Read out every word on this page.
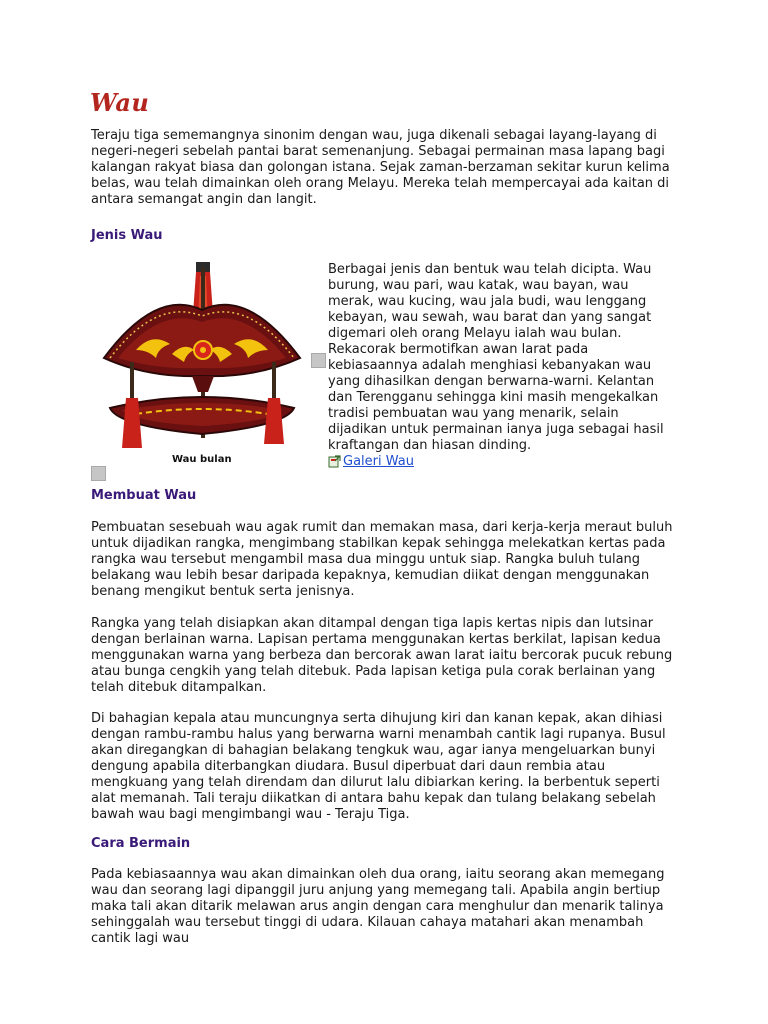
Wau
Teraju tiga sememangnya sinonim dengan wau, juga dikenali sebagai layang-layang di negeri-negeri sebelah pantai barat semenanjung. Sebagai permainan masa lapang bagi kalangan rakyat biasa dan golongan istana. Sejak zaman-berzaman sekitar kurun kelima belas, wau telah dimainkan oleh orang Melayu. Mereka telah mempercayai ada kaitan di antara semangat angin dan langit.
Jenis Wau
Wau bulan
Berbagai jenis dan bentuk wau telah dicipta. Wau burung, wau pari, wau katak, wau bayan, wau merak, wau kucing, wau jala budi, wau lenggang kebayan, wau sewah, wau barat dan yang sangat digemari oleh orang Melayu ialah wau bulan. Rekacorak bermotifkan awan larat pada kebiasaannya adalah menghiasi kebanyakan wau yang dihasilkan dengan berwarna-warni. Kelantan dan Terengganu sehingga kini masih mengekalkan tradisi pembuatan wau yang menarik, selain dijadikan untuk permainan ianya juga sebagai hasil kraftangan dan hiasan dinding.
Galeri Wau
Membuat Wau
Pembuatan sesebuah wau agak rumit dan memakan masa, dari kerja-kerja meraut buluh untuk dijadikan rangka, mengimbang stabilkan kepak sehingga melekatkan kertas pada rangka wau tersebut mengambil masa dua minggu untuk siap. Rangka buluh tulang belakang wau lebih besar daripada kepaknya, kemudian diikat dengan menggunakan benang mengikut bentuk serta jenisnya.
Rangka yang telah disiapkan akan ditampal dengan tiga lapis kertas nipis dan lutsinar dengan berlainan warna. Lapisan pertama menggunakan kertas berkilat, lapisan kedua menggunakan warna yang berbeza dan bercorak awan larat iaitu bercorak pucuk rebung atau bunga cengkih yang telah ditebuk. Pada lapisan ketiga pula corak berlainan yang telah ditebuk ditampalkan.
Di bahagian kepala atau muncungnya serta dihujung kiri dan kanan kepak, akan dihiasi dengan rambu-rambu halus yang berwarna warni menambah cantik lagi rupanya. Busul akan diregangkan di bahagian belakang tengkuk wau, agar ianya mengeluarkan bunyi dengung apabila diterbangkan diudara. Busul diperbuat dari daun rembia atau mengkuang yang telah direndam dan dilurut lalu dibiarkan kering. Ia berbentuk seperti alat memanah. Tali teraju diikatkan di antara bahu kepak dan tulang belakang sebelah bawah wau bagi mengimbangi wau - Teraju Tiga.
Cara Bermain
Pada kebiasaannya wau akan dimainkan oleh dua orang, iaitu seorang akan memegang wau dan seorang lagi dipanggil juru anjung yang memegang tali. Apabila angin bertiup maka tali akan ditarik melawan arus angin dengan cara menghulur dan menarik talinya sehinggalah wau tersebut tinggi di udara. Kilauan cahaya matahari akan menambah cantik lagi wau
